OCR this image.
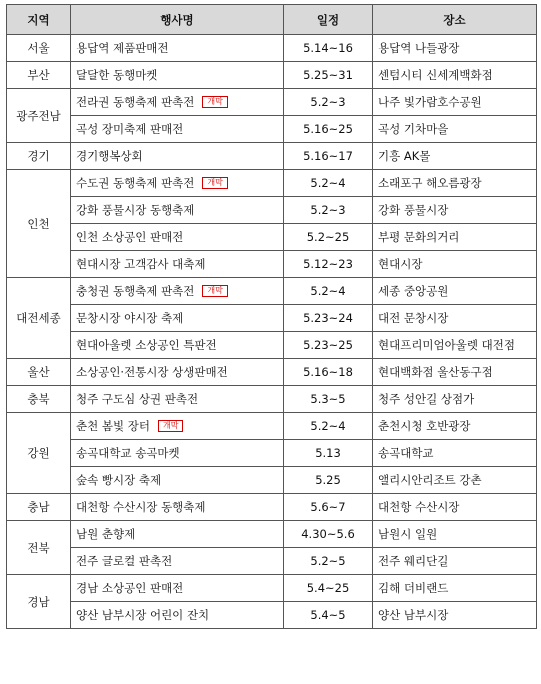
지역	행사명	일정	장소
서울	용답역 제품판매전	5.14~16	용답역 나들광장
부산	달달한 동행마켓	5.25~31	센텀시티 신세계백화점
광주전남	전라권 동행축제 판촉전 개막	5.2~3	나주 빛가람호수공원
	곡성 장미축제 판매전	5.16~25	곡성 기차마을
경기	경기행복상회	5.16~17	기흥 AK몰
인천	수도권 동행축제 판촉전 개막	5.2~4	소래포구 해오름광장
	강화 풍물시장 동행축제	5.2~3	강화 풍물시장
	인천 소상공인 판매전	5.2~25	부평 문화의거리
	현대시장 고객감사 대축제	5.12~23	현대시장
대전세종	충청권 동행축제 판촉전 개막	5.2~4	세종 중앙공원
	문창시장 야시장 축제	5.23~24	대전 문창시장
	현대아울렛 소상공인 특판전	5.23~25	현대프리미엄아울렛 대전점
울산	소상공인·전통시장 상생판매전	5.16~18	현대백화점 울산동구점
충북	청주 구도심 상권 판촉전	5.3~5	청주 성안길 상점가
강원	춘천 봄빛 장터 개막	5.2~4	춘천시청 호반광장
	송곡대학교 송곡마켓	5.13	송곡대학교
	숲속 빵시장 축제	5.25	앨리시안리조트 강촌
충남	대천항 수산시장 동행축제	5.6~7	대천항 수산시장
전북	남원 춘향제	4.30~5.6	남원시 일원
	전주 글로컬 판촉전	5.2~5	전주 웨리단길
경남	경남 소상공인 판매전	5.4~25	김해 더비랜드
	양산 남부시장 어린이 잔치	5.4~5	양산 남부시장
